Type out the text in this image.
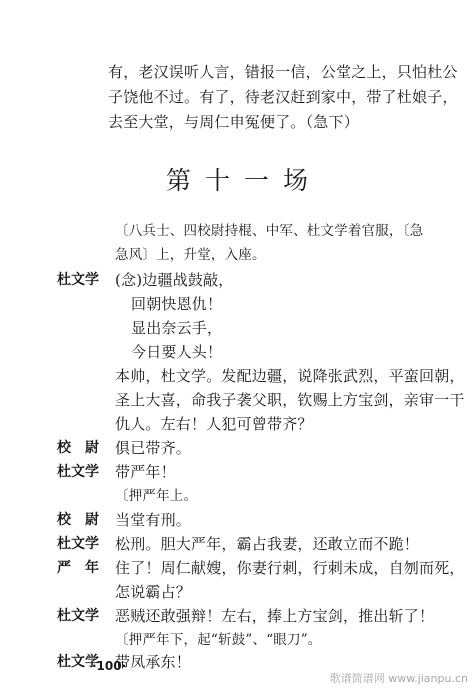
有，老汉误听人言，错报一信，公堂之上，只怕杜公
子饶他不过。有了，待老汉赶到家中，带了杜娘子，
去至大堂，与周仁申冤便了。（急下）
第十一场
〔八兵士、四校尉持棍、中军、杜文学着官服，〔急
急风〕上，升堂，入座。
杜文学 (念)边疆战鼓敲，
回朝快恩仇！
显出奈云手，
今日要人头！
本帅，杜文学。发配边疆，说降张武烈，平蛮回朝，
圣上大喜，命我子袭父职，钦赐上方宝剑，亲审一干
仇人。左右！人犯可曾带齐？
校　尉 俱已带齐。
杜文学 带严年！
〔押严年上。
校　尉 当堂有刑。
杜文学 松刑。胆大严年，霸占我妻，还敢立而不跪！
严　年 住了！周仁献嫂，你妻行刺，行刺未成，自刎而死，
怎说霸占？
杜文学 恶贼还敢强辩！左右，捧上方宝剑，推出斩了！
〔押严年下，起“斩鼓”、“眼刀”。
杜文学 带凤承东！
·100·
歌谱简谱网 www.jianpu.cn
